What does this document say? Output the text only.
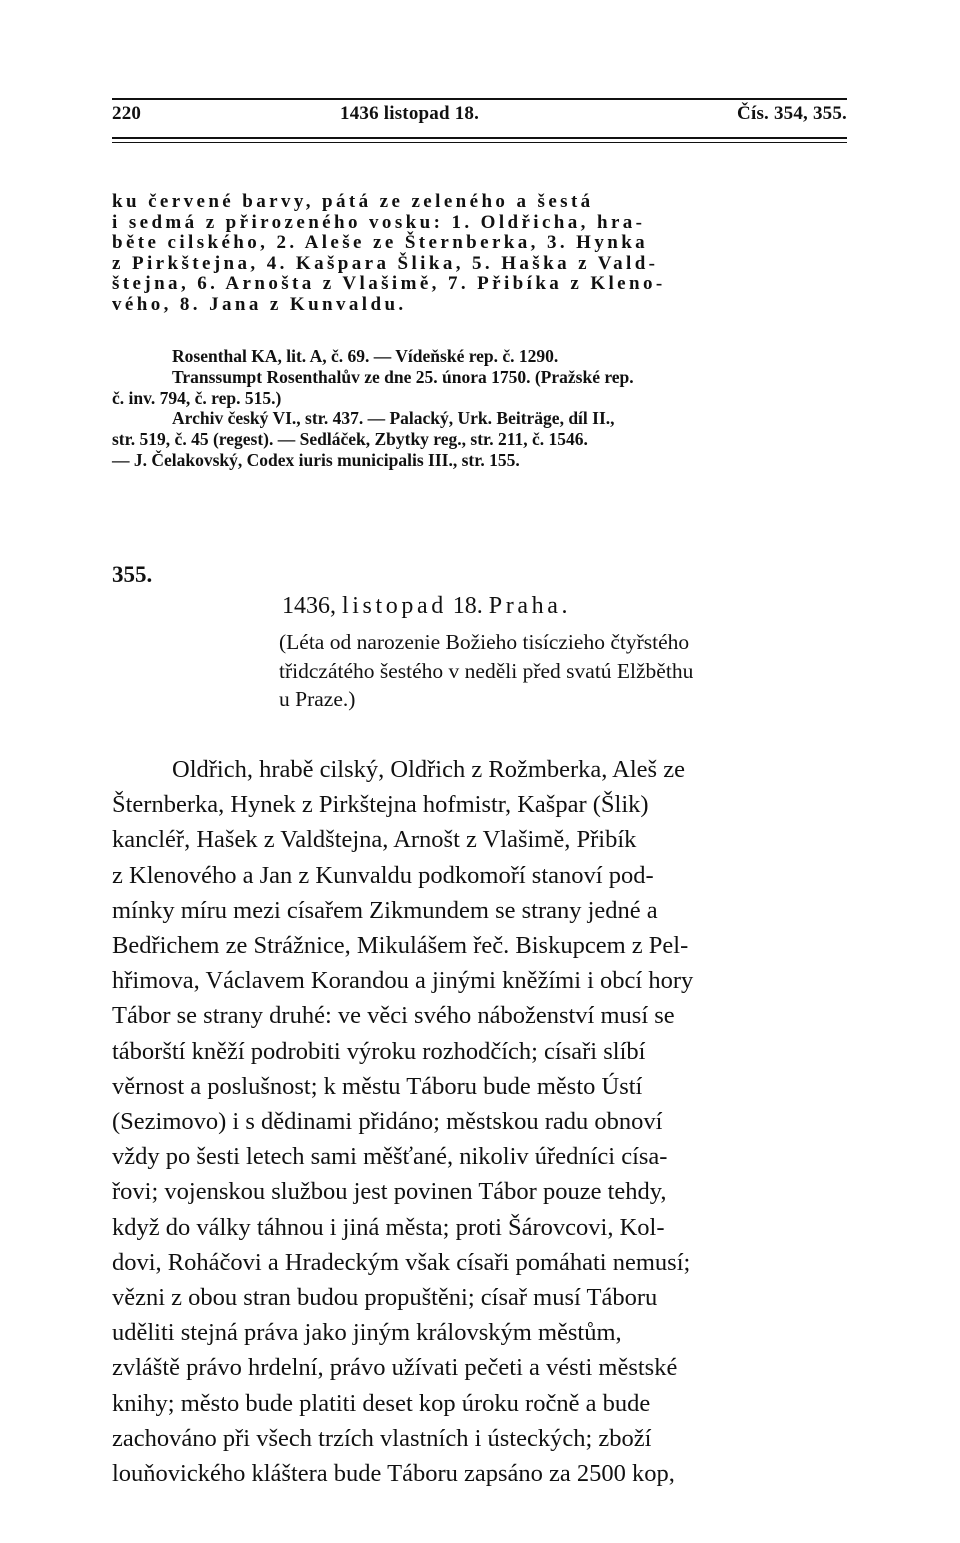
220	1436 listopad 18.	Čís. 354, 355.
ku červené barvy, pátá ze zeleného a šestá
i sedmá z přirozeného vosku: 1. Oldřicha, hra-
běte cilského, 2. Aleše ze Šternberka, 3. Hynka
z Pirkštejna, 4. Kašpara Šlika, 5. Haška z Vald-
štejna, 6. Arnošta z Vlašimě, 7. Přibíka z Kleno-
vého, 8. Jana z Kunvaldu.
Rosenthal KA, lit. A, č. 69. — Vídeňské rep. č. 1290.
Transsumpt Rosenthalův ze dne 25. února 1750. (Pražské rep.
č. inv. 794, č. rep. 515.)
Archiv český VI., str. 437. — Palacký, Urk. Beiträge, díl II.,
str. 519, č. 45 (regest). — Sedláček, Zbytky reg., str. 211, č. 1546.
— J. Čelakovský, Codex iuris municipalis III., str. 155.
355.
1436, listopad 18. Praha.
(Léta od narozenie Božieho tisíczieho čtyřstého
třidczátého šestého v neděli před svatú Elžběthu
u Praze.)
Oldřich, hrabě cilský, Oldřich z Rožmberka, Aleš ze
Šternberka, Hynek z Pirkštejna hofmistr, Kašpar (Šlik)
kancléř, Hašek z Valdštejna, Arnošt z Vlašimě, Přibík
z Klenového a Jan z Kunvaldu podkomoří stanoví pod-
mínky míru mezi císařem Zikmundem se strany jedné a
Bedřichem ze Strážnice, Mikulášem řeč. Biskupcem z Pel-
hřimova, Václavem Korandou a jinými kněžími i obcí hory
Tábor se strany druhé: ve věci svého náboženství musí se
táborští kněží podrobiti výroku rozhodčích; císaři slíbí
věrnost a poslušnost; k městu Táboru bude město Ústí
(Sezimovo) i s dědinami přidáno; městskou radu obnoví
vždy po šesti letech sami měšťané, nikoliv úředníci císa-
řovi; vojenskou službou jest povinen Tábor pouze tehdy,
když do války táhnou i jiná města; proti Šárovcovi, Kol-
dovi, Roháčovi a Hradeckým však císaři pomáhati nemusí;
vězni z obou stran budou propuštěni; císař musí Táboru
uděliti stejná práva jako jiným královským městům,
zvláště právo hrdelní, právo užívati pečeti a vésti městské
knihy; město bude platiti deset kop úroku ročně a bude
zachováno při všech trzích vlastních i ústeckých; zboží
louňovického kláštera bude Táboru zapsáno za 2500 kop,
